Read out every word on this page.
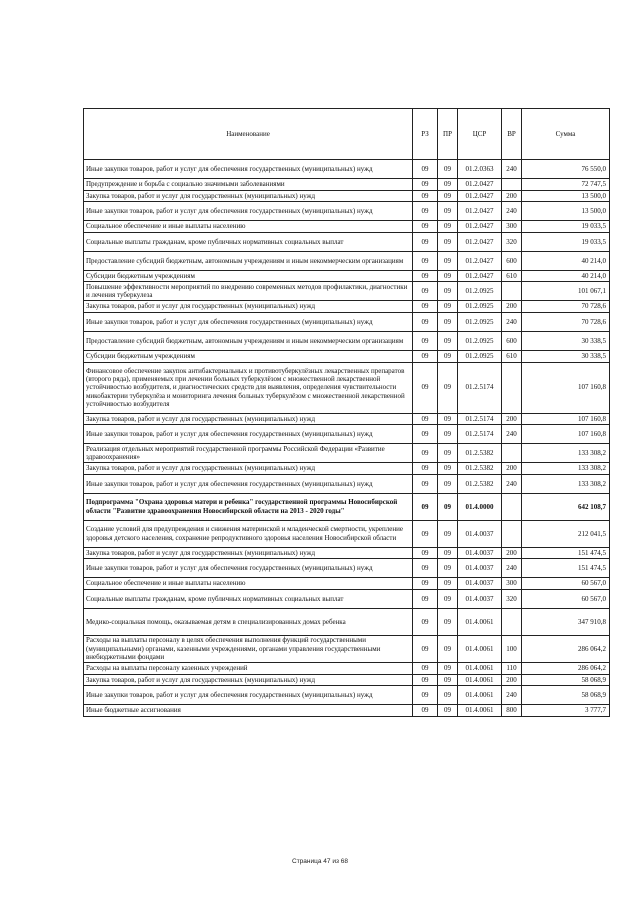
Наименование	РЗ	ПР	ЦСР	ВР	Сумма
Иные закупки товаров, работ и услуг для обеспечения государственных (муниципальных) нужд	09	09	01.2.0363	240	76 550,0
Предупреждение и борьба с социально значимыми заболеваниями	09	09	01.2.0427		72 747,5
Закупка товаров, работ и услуг для государственных (муниципальных) нужд	09	09	01.2.0427	200	13 500,0
Иные закупки товаров, работ и услуг для обеспечения государственных (муниципальных) нужд	09	09	01.2.0427	240	13 500,0
Социальное обеспечение и иные выплаты населению	09	09	01.2.0427	300	19 033,5
Социальные выплаты гражданам, кроме публичных нормативных социальных выплат	09	09	01.2.0427	320	19 033,5
Предоставление субсидий бюджетным, автономным учреждениям и иным некоммерческим организациям	09	09	01.2.0427	600	40 214,0
Субсидии бюджетным учреждениям	09	09	01.2.0427	610	40 214,0
Повышение эффективности мероприятий по внедрению современных методов профилактики, диагностики и лечения туберкулеза	09	09	01.2.0925		101 067,1
Закупка товаров, работ и услуг для государственных (муниципальных) нужд	09	09	01.2.0925	200	70 728,6
Иные закупки товаров, работ и услуг для обеспечения государственных (муниципальных) нужд	09	09	01.2.0925	240	70 728,6
Предоставление субсидий бюджетным, автономным учреждениям и иным некоммерческим организациям	09	09	01.2.0925	600	30 338,5
Субсидии бюджетным учреждениям	09	09	01.2.0925	610	30 338,5
Финансовое обеспечение закупок антибактериальных и противотуберкулёзных лекарственных препаратов (второго ряда), применяемых при лечении больных туберкулёзом с множественной лекарственной устойчивостью возбудителя, и диагностических средств для выявления, определения чувствительности микобактерии туберкулёза и мониторинга лечения больных туберкулёзом с множественной лекарственной устойчивостью возбудителя	09	09	01.2.5174		107 160,8
Закупка товаров, работ и услуг для государственных (муниципальных) нужд	09	09	01.2.5174	200	107 160,8
Иные закупки товаров, работ и услуг для обеспечения государственных (муниципальных) нужд	09	09	01.2.5174	240	107 160,8
Реализация отдельных мероприятий государственной программы Российской Федерации «Развитие здравоохранения»	09	09	01.2.5382		133 308,2
Закупка товаров, работ и услуг для государственных (муниципальных) нужд	09	09	01.2.5382	200	133 308,2
Иные закупки товаров, работ и услуг для обеспечения государственных (муниципальных) нужд	09	09	01.2.5382	240	133 308,2
Подпрограмма "Охрана здоровья матери и ребенка" государственной программы Новосибирской области "Развитие здравоохранения Новосибирской области на 2013 - 2020 годы"	09	09	01.4.0000		642 108,7
Создание условий для предупреждения и снижения материнской и младенческой смертности, укрепление здоровья детского населения, сохранение репродуктивного здоровья населения Новосибирской области	09	09	01.4.0037		212 041,5
Закупка товаров, работ и услуг для государственных (муниципальных) нужд	09	09	01.4.0037	200	151 474,5
Иные закупки товаров, работ и услуг для обеспечения государственных (муниципальных) нужд	09	09	01.4.0037	240	151 474,5
Социальное обеспечение и иные выплаты населению	09	09	01.4.0037	300	60 567,0
Социальные выплаты гражданам, кроме публичных нормативных социальных выплат	09	09	01.4.0037	320	60 567,0
Медико-социальная помощь, оказываемая детям в специализированных домах ребенка	09	09	01.4.0061		347 910,8
Расходы на выплаты персоналу в целях обеспечения выполнения функций государственными (муниципальными) органами, казенными учреждениями, органами управления государственными внебюджетными фондами	09	09	01.4.0061	100	286 064,2
Расходы на выплаты персоналу казенных учреждений	09	09	01.4.0061	110	286 064,2
Закупка товаров, работ и услуг для государственных (муниципальных) нужд	09	09	01.4.0061	200	58 068,9
Иные закупки товаров, работ и услуг для обеспечения государственных (муниципальных) нужд	09	09	01.4.0061	240	58 068,9
Иные бюджетные ассигнования	09	09	01.4.0061	800	3 777,7
Страница 47 из 68
